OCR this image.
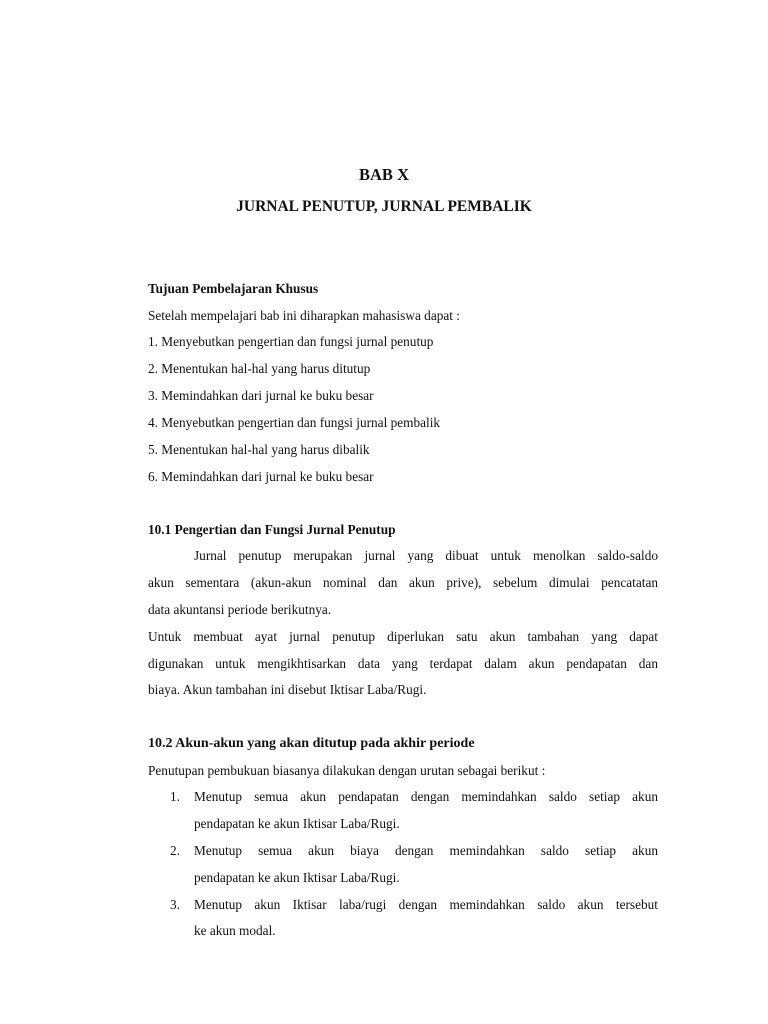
BAB X
JURNAL PENUTUP, JURNAL PEMBALIK
Tujuan Pembelajaran Khusus
Setelah mempelajari bab ini diharapkan mahasiswa dapat :
1. Menyebutkan pengertian dan fungsi jurnal penutup
2. Menentukan hal-hal yang harus ditutup
3. Memindahkan dari jurnal ke buku besar
4. Menyebutkan pengertian dan fungsi jurnal pembalik
5. Menentukan hal-hal yang harus dibalik
6. Memindahkan dari jurnal ke buku besar
10.1 Pengertian dan Fungsi Jurnal Penutup
Jurnal penutup merupakan jurnal yang dibuat untuk menolkan saldo-saldo
akun sementara (akun-akun nominal dan akun prive), sebelum dimulai pencatatan
data akuntansi periode berikutnya.
Untuk membuat ayat jurnal penutup diperlukan satu akun tambahan yang dapat
digunakan untuk mengikhtisarkan data yang terdapat dalam akun pendapatan dan
biaya. Akun tambahan ini disebut Iktisar Laba/Rugi.
10.2 Akun-akun yang akan ditutup pada akhir periode
Penutupan pembukuan biasanya dilakukan dengan urutan sebagai berikut :
1. Menutup semua akun pendapatan dengan memindahkan saldo setiap akun
pendapatan ke akun Iktisar Laba/Rugi.
2. Menutup semua akun biaya dengan memindahkan saldo setiap akun
pendapatan ke akun Iktisar Laba/Rugi.
3. Menutup akun Iktisar laba/rugi dengan memindahkan saldo akun tersebut
ke akun modal.
